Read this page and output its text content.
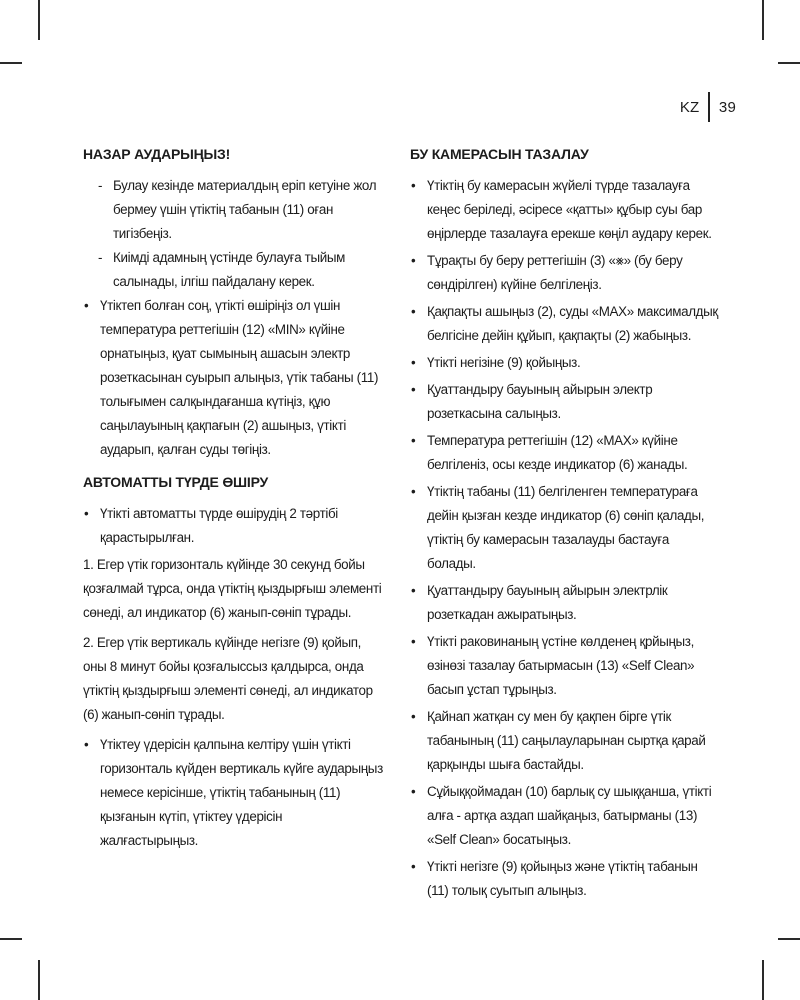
KZ 39
НАЗАР АУДАРЫҢЫЗ!
- Булау кезінде материалдың еріп кетуіне жол бермеу үшін үтіктің табанын (11) оған тигізбеңіз.
- Киімді адамның үстінде булауға тыйым салынады, ілгіш пайдалану керек.
• Үтіктеп болған соң, үтікті өшіріңіз ол үшін температура реттегішін (12) «MIN» күйіне орнатыңыз, қуат сымының ашасын электр розеткасынан суырып алыңыз, үтік табаны (11) толығымен салқындағанша күтіңіз, құю саңылауының қақпағын (2) ашыңыз, үтікті аударып, қалған суды төгіңіз.
АВТОМАТТЫ ТҮРДЕ ӨШІРУ
• Үтікті автоматты түрде өшірудің 2 тәртібі қарастырылған.

1. Егер үтік горизонталь күйінде 30 секунд бойы қозғалмай тұрса, онда үтіктің қыздырғыш элементі сөнеді, ал индикатор (6) жанып-сөніп тұрады.

2. Егер үтік вертикаль күйінде негізге (9) қойып, оны 8 минут бойы қозғалыссыз қалдырса, онда үтіктің қыздырғыш элементі сөнеді, ал индикатор (6) жанып-сөніп тұрады.

• Үтіктеу үдерісін қалпына келтіру үшін үтікті горизонталь күйден вертикаль күйге аударыңыз немесе керісінше, үтіктің табанының (11) қызғанын күтіп, үтіктеу үдерісін жалғастырыңыз.
БУ КАМЕРАСЫН ТАЗАЛАУ
• Үтіктің бу камерасын жүйелі түрде тазалауға кеңес беріледі, әсіресе «қатты» құбыр суы бар өңірлерде тазалауға ерекше көңіл аудару керек.
• Тұрақты бу беру реттегішін (3) «⨳» (бу беру сөндірілген) күйіне белгілеңіз.
• Қақпақты ашыңыз (2), суды «MAX» максималдық белгісіне дейін құйып, қақпақты (2) жабыңыз.
• Үтікті негізіне (9) қойыңыз.
• Қуаттандыру бауының айырын электр розеткасына салыңыз.
• Температура реттегішін (12) «MAX» күйіне белгіленіз, осы кезде индикатор (6) жанады.
• Үтіктің табаны (11) белгіленген температураға дейін қызған кезде индикатор (6) сөніп қалады, үтіктің бу камерасын тазалауды бастауға болады.
• Қуаттандыру бауының айырын электрлік розеткадан ажыратыңыз.
• Үтікті раковинаның үстіне көлденең қрйыңыз, өзінөзі тазалау батырмасын (13) «Self Clean» басып ұстап тұрыңыз.
• Қайнап жатқан су мен бу қақпен бірге үтік табанының (11) саңылауларынан сыртқа қарай қарқынды шыға бастайды.
• Сұйыққоймадан (10) барлық су шыққанша, үтікті алға - артқа аздап шайқаңыз, батырманы (13) «Self Clean» босатыңыз.
• Үтікті негізге (9) қойыңыз және үтіктің табанын (11) толық суытып алыңыз.
